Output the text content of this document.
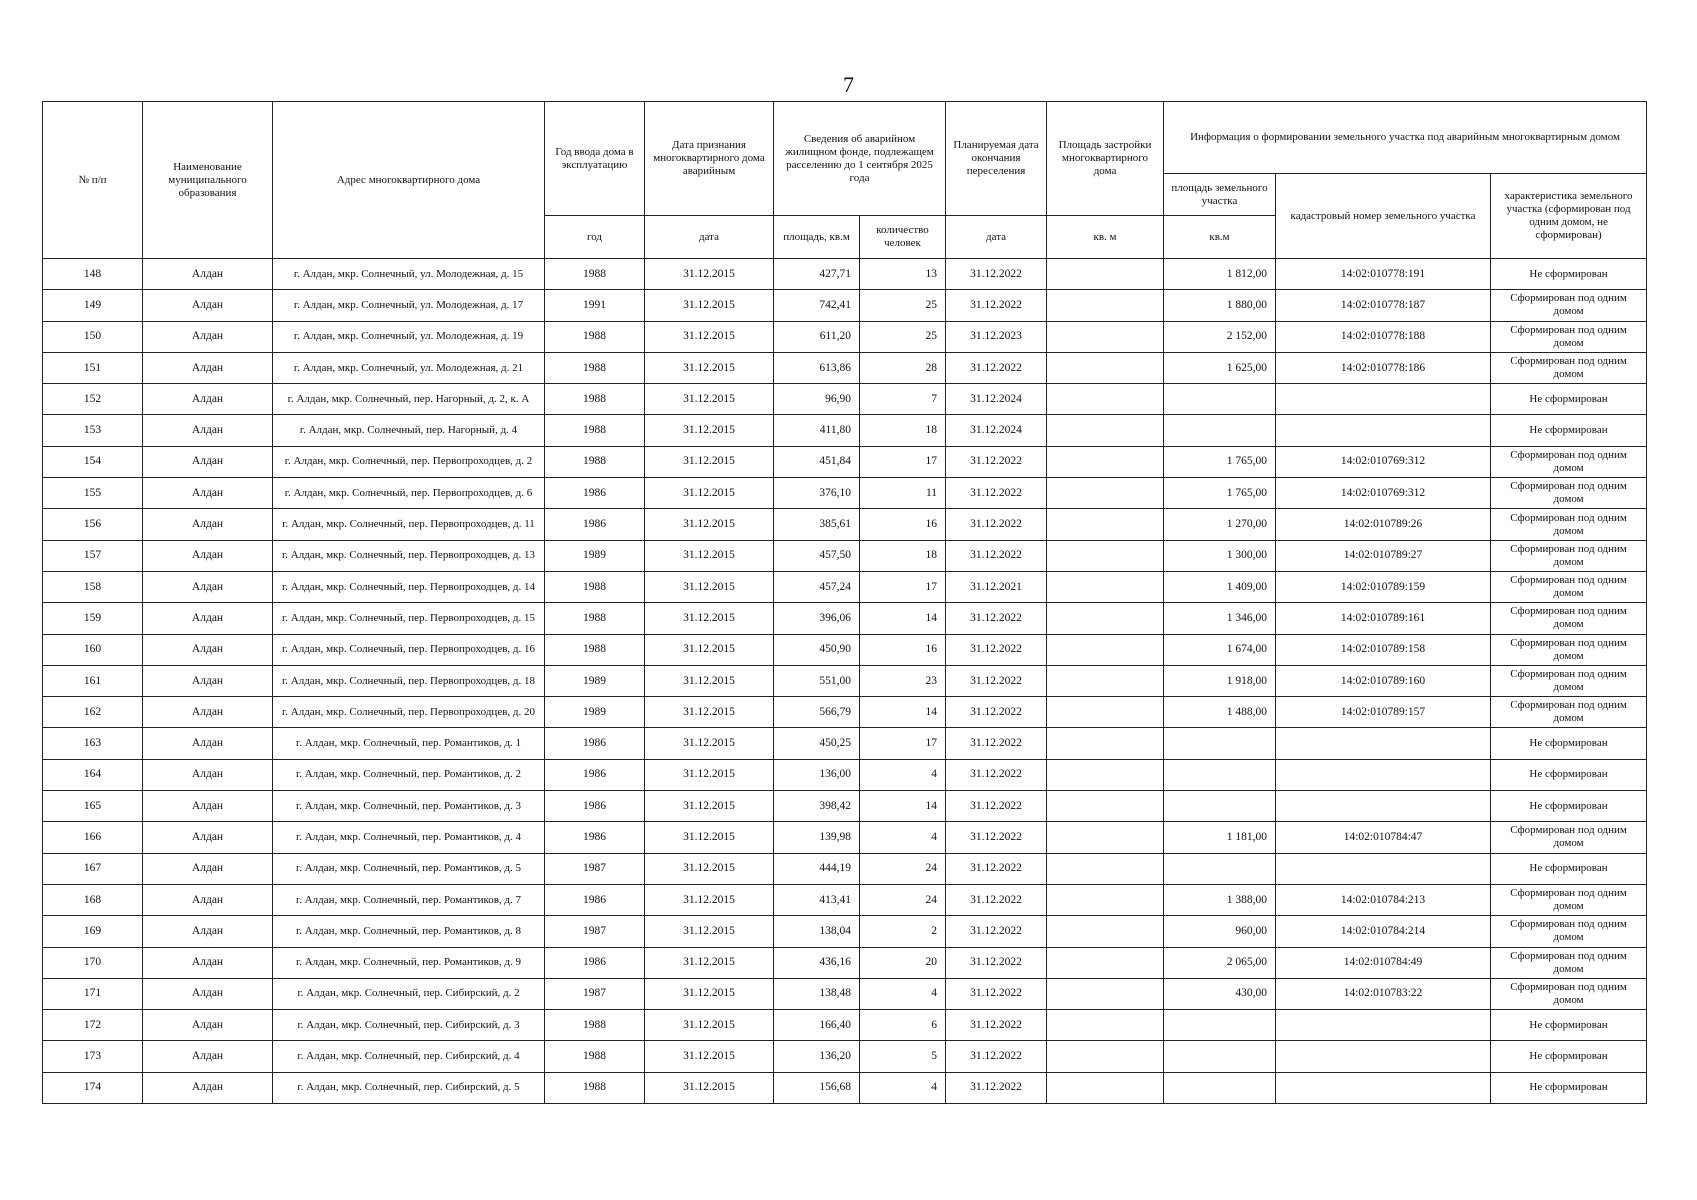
7
№ п/п	Наименование муниципального образования	Адрес многоквартирного дома	Год ввода дома в эксплуатацию	Дата признания многоквартирного дома аварийным	Сведения об аварийном жилищном фонде, подлежащем расселению до 1 сентября 2025 года		Планируемая дата окончания переселения	Площадь застройки многоквартирного дома	Информация о формировании земельного участка под аварийным многоквартирным домом		
									площадь земельного участка	кадастровый номер земельного участка	характеристика земельного участка (сформирован под одним домом, не сформирован)
			год	дата	площадь, кв.м	количество человек	дата	кв. м	кв.м		
148	Алдан	г. Алдан, мкр. Солнечный, ул. Молодежная, д. 15	1988	31.12.2015	427,71	13	31.12.2022		1 812,00	14:02:010778:191	Не сформирован
149	Алдан	г. Алдан, мкр. Солнечный, ул. Молодежная, д. 17	1991	31.12.2015	742,41	25	31.12.2022		1 880,00	14:02:010778:187	Сформирован под одним домом
150	Алдан	г. Алдан, мкр. Солнечный, ул. Молодежная, д. 19	1988	31.12.2015	611,20	25	31.12.2023		2 152,00	14:02:010778:188	Сформирован под одним домом
151	Алдан	г. Алдан, мкр. Солнечный, ул. Молодежная, д. 21	1988	31.12.2015	613,86	28	31.12.2022		1 625,00	14:02:010778:186	Сформирован под одним домом
152	Алдан	г. Алдан, мкр. Солнечный, пер. Нагорный, д. 2, к. А	1988	31.12.2015	96,90	7	31.12.2024				Не сформирован
153	Алдан	г. Алдан, мкр. Солнечный, пер. Нагорный, д. 4	1988	31.12.2015	411,80	18	31.12.2024				Не сформирован
154	Алдан	г. Алдан, мкр. Солнечный, пер. Первопроходцев, д. 2	1988	31.12.2015	451,84	17	31.12.2022		1 765,00	14:02:010769:312	Сформирован под одним домом
155	Алдан	г. Алдан, мкр. Солнечный, пер. Первопроходцев, д. 6	1986	31.12.2015	376,10	11	31.12.2022		1 765,00	14:02:010769:312	Сформирован под одним домом
156	Алдан	г. Алдан, мкр. Солнечный, пер. Первопроходцев, д. 11	1986	31.12.2015	385,61	16	31.12.2022		1 270,00	14:02:010789:26	Сформирован под одним домом
157	Алдан	г. Алдан, мкр. Солнечный, пер. Первопроходцев, д. 13	1989	31.12.2015	457,50	18	31.12.2022		1 300,00	14:02:010789:27	Сформирован под одним домом
158	Алдан	г. Алдан, мкр. Солнечный, пер. Первопроходцев, д. 14	1988	31.12.2015	457,24	17	31.12.2021		1 409,00	14:02:010789:159	Сформирован под одним домом
159	Алдан	г. Алдан, мкр. Солнечный, пер. Первопроходцев, д. 15	1988	31.12.2015	396,06	14	31.12.2022		1 346,00	14:02:010789:161	Сформирован под одним домом
160	Алдан	г. Алдан, мкр. Солнечный, пер. Первопроходцев, д. 16	1988	31.12.2015	450,90	16	31.12.2022		1 674,00	14:02:010789:158	Сформирован под одним домом
161	Алдан	г. Алдан, мкр. Солнечный, пер. Первопроходцев, д. 18	1989	31.12.2015	551,00	23	31.12.2022		1 918,00	14:02:010789:160	Сформирован под одним домом
162	Алдан	г. Алдан, мкр. Солнечный, пер. Первопроходцев, д. 20	1989	31.12.2015	566,79	14	31.12.2022		1 488,00	14:02:010789:157	Сформирован под одним домом
163	Алдан	г. Алдан, мкр. Солнечный, пер. Романтиков, д. 1	1986	31.12.2015	450,25	17	31.12.2022				Не сформирован
164	Алдан	г. Алдан, мкр. Солнечный, пер. Романтиков, д. 2	1986	31.12.2015	136,00	4	31.12.2022				Не сформирован
165	Алдан	г. Алдан, мкр. Солнечный, пер. Романтиков, д. 3	1986	31.12.2015	398,42	14	31.12.2022				Не сформирован
166	Алдан	г. Алдан, мкр. Солнечный, пер. Романтиков, д. 4	1986	31.12.2015	139,98	4	31.12.2022		1 181,00	14:02:010784:47	Сформирован под одним домом
167	Алдан	г. Алдан, мкр. Солнечный, пер. Романтиков, д. 5	1987	31.12.2015	444,19	24	31.12.2022				Не сформирован
168	Алдан	г. Алдан, мкр. Солнечный, пер. Романтиков, д. 7	1986	31.12.2015	413,41	24	31.12.2022		1 388,00	14:02:010784:213	Сформирован под одним домом
169	Алдан	г. Алдан, мкр. Солнечный, пер. Романтиков, д. 8	1987	31.12.2015	138,04	2	31.12.2022		960,00	14:02:010784:214	Сформирован под одним домом
170	Алдан	г. Алдан, мкр. Солнечный, пер. Романтиков, д. 9	1986	31.12.2015	436,16	20	31.12.2022		2 065,00	14:02:010784:49	Сформирован под одним домом
171	Алдан	г. Алдан, мкр. Солнечный, пер. Сибирский, д. 2	1987	31.12.2015	138,48	4	31.12.2022		430,00	14:02:010783:22	Сформирован под одним домом
172	Алдан	г. Алдан, мкр. Солнечный, пер. Сибирский, д. 3	1988	31.12.2015	166,40	6	31.12.2022				Не сформирован
173	Алдан	г. Алдан, мкр. Солнечный, пер. Сибирский, д. 4	1988	31.12.2015	136,20	5	31.12.2022				Не сформирован
174	Алдан	г. Алдан, мкр. Солнечный, пер. Сибирский, д. 5	1988	31.12.2015	156,68	4	31.12.2022				Не сформирован
